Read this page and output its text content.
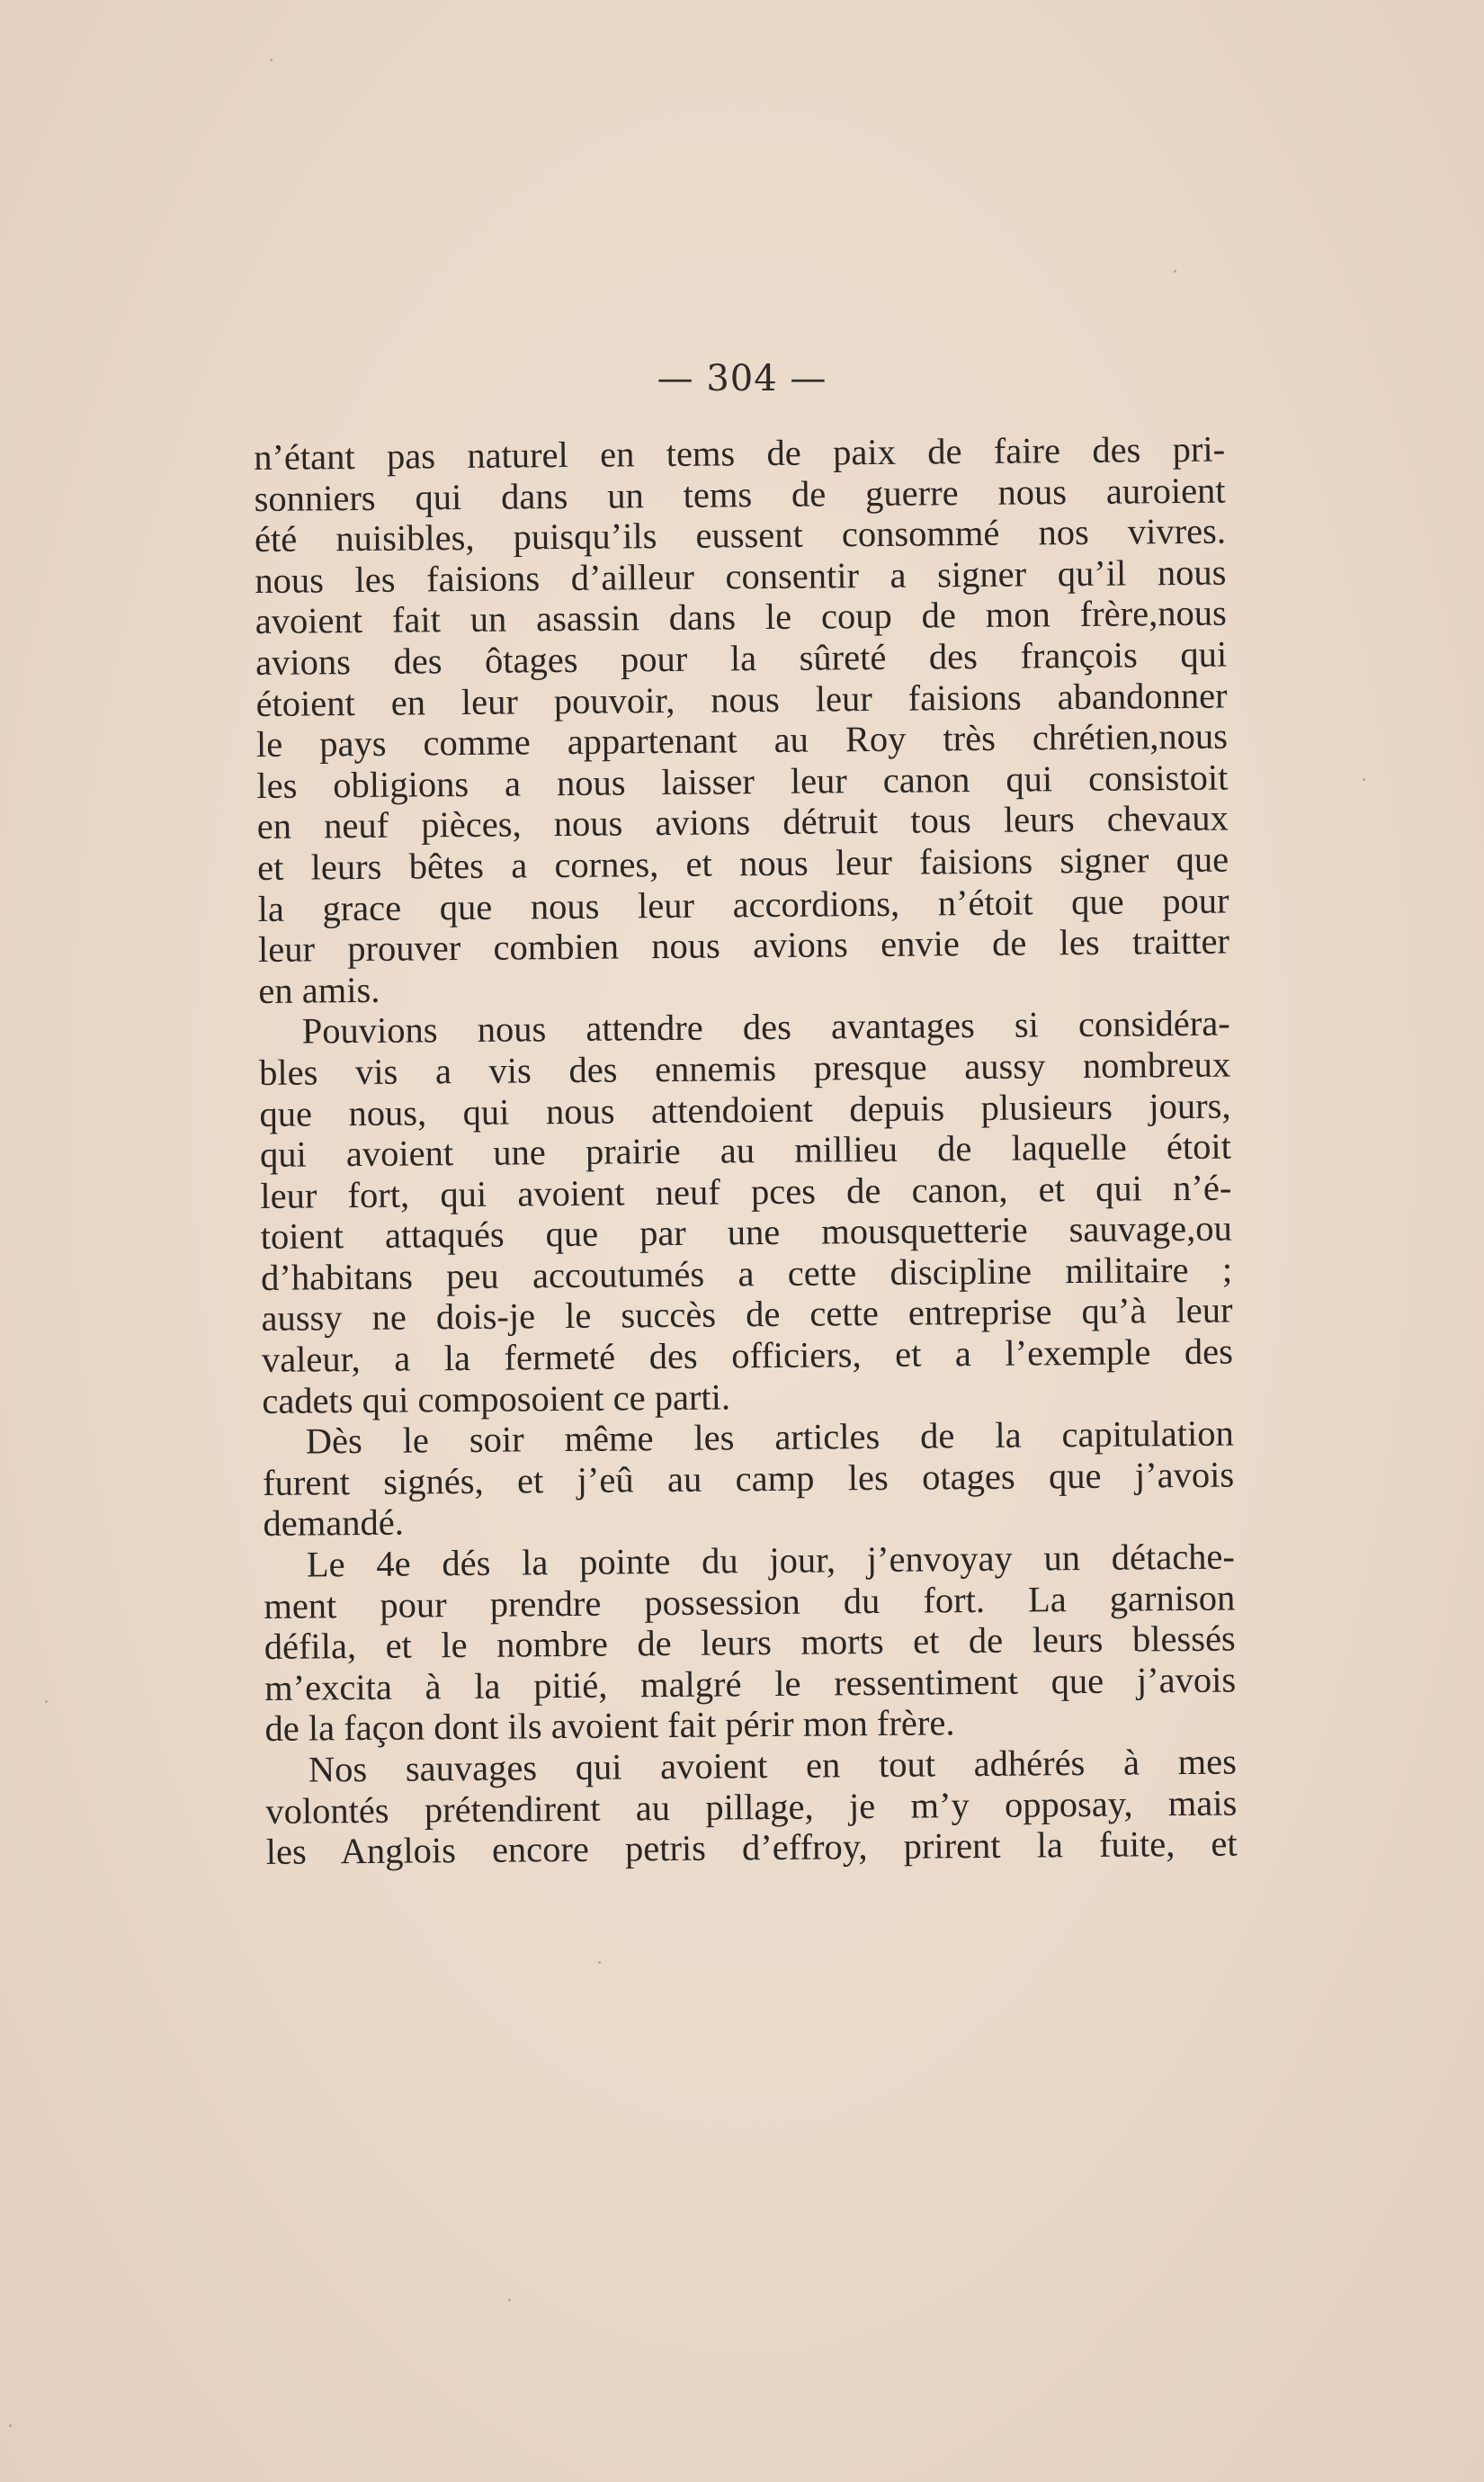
— 304 —
n’étant pas naturel en tems de paix de faire des pri-
sonniers qui dans un tems de guerre nous auroient
été nuisibles, puisqu’ils eussent consommé nos vivres.
nous les faisions d’ailleur consentir a signer qu’il nous
avoient fait un asassin dans le coup de mon frère,nous
avions des ôtages pour la sûreté des françois qui
étoient en leur pouvoir, nous leur faisions abandonner
le pays comme appartenant au Roy très chrétien,nous
les obligions a nous laisser leur canon qui consistoit
en neuf pièces, nous avions détruit tous leurs chevaux
et leurs bêtes a cornes, et nous leur faisions signer que
la grace que nous leur accordions, n’étoit que pour
leur prouver combien nous avions envie de les traitter
en amis.
Pouvions nous attendre des avantages si considéra-
bles vis a vis des ennemis presque aussy nombreux
que nous, qui nous attendoient depuis plusieurs jours,
qui avoient une prairie au millieu de laquelle étoit
leur fort, qui avoient neuf pces de canon, et qui n’é-
toient attaqués que par une mousquetterie sauvage,ou
d’habitans peu accoutumés a cette discipline militaire ;
aussy ne dois-je le succès de cette entreprise qu’à leur
valeur, a la fermeté des officiers, et a l’exemple des
cadets qui composoient ce parti.
Dès le soir même les articles de la capitulation
furent signés, et j’eû au camp les otages que j’avois
demandé.
Le 4e dés la pointe du jour, j’envoyay un détache-
ment pour prendre possession du fort. La garnison
défila, et le nombre de leurs morts et de leurs blessés
m’excita à la pitié, malgré le ressentiment que j’avois
de la façon dont ils avoient fait périr mon frère.
Nos sauvages qui avoient en tout adhérés à mes
volontés prétendirent au pillage, je m’y opposay, mais
les Anglois encore petris d’effroy, prirent la fuite, et
